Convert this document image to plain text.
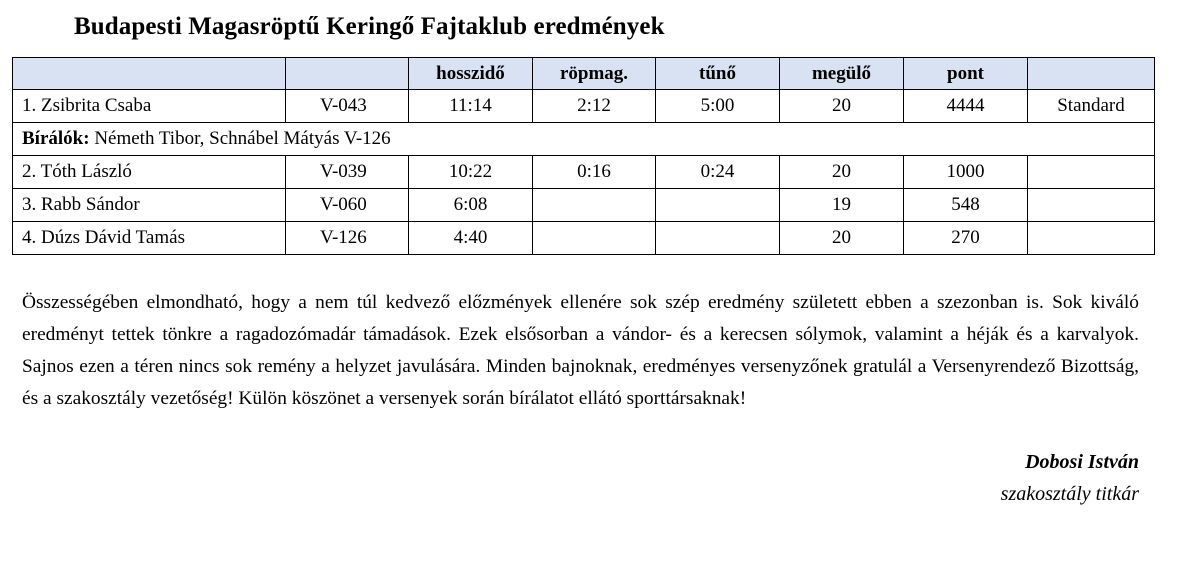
Budapesti Magasröptű Keringő Fajtaklub eredmények
		hosszidő	röpmag.	tűnő	megülő	pont	
1. Zsibrita Csaba	V-043	11:14	2:12	5:00	20	4444	Standard
Bírálók: Németh Tibor, Schnábel Mátyás V-126							
2. Tóth László	V-039	10:22	0:16	0:24	20	1000	
3. Rabb Sándor	V-060	6:08			19	548	
4. Dúzs Dávid Tamás	V-126	4:40			20	270	

Összességében elmondható, hogy a nem túl kedvező előzmények ellenére sok szép eredmény született ebben a szezonban is. Sok kiváló eredményt tettek tönkre a ragadozómadár támadások. Ezek elsősorban a vándor- és a kerecsen sólymok, valamint a héják és a karvalyok. Sajnos ezen a téren nincs sok remény a helyzet javulására. Minden bajnoknak, eredményes versenyzőnek gratulál a Versenyrendező Bizottság, és a szakosztály vezetőség! Külön köszönet a versenyek során bírálatot ellátó sporttársaknak!

Dobosi István
szakosztály titkár
